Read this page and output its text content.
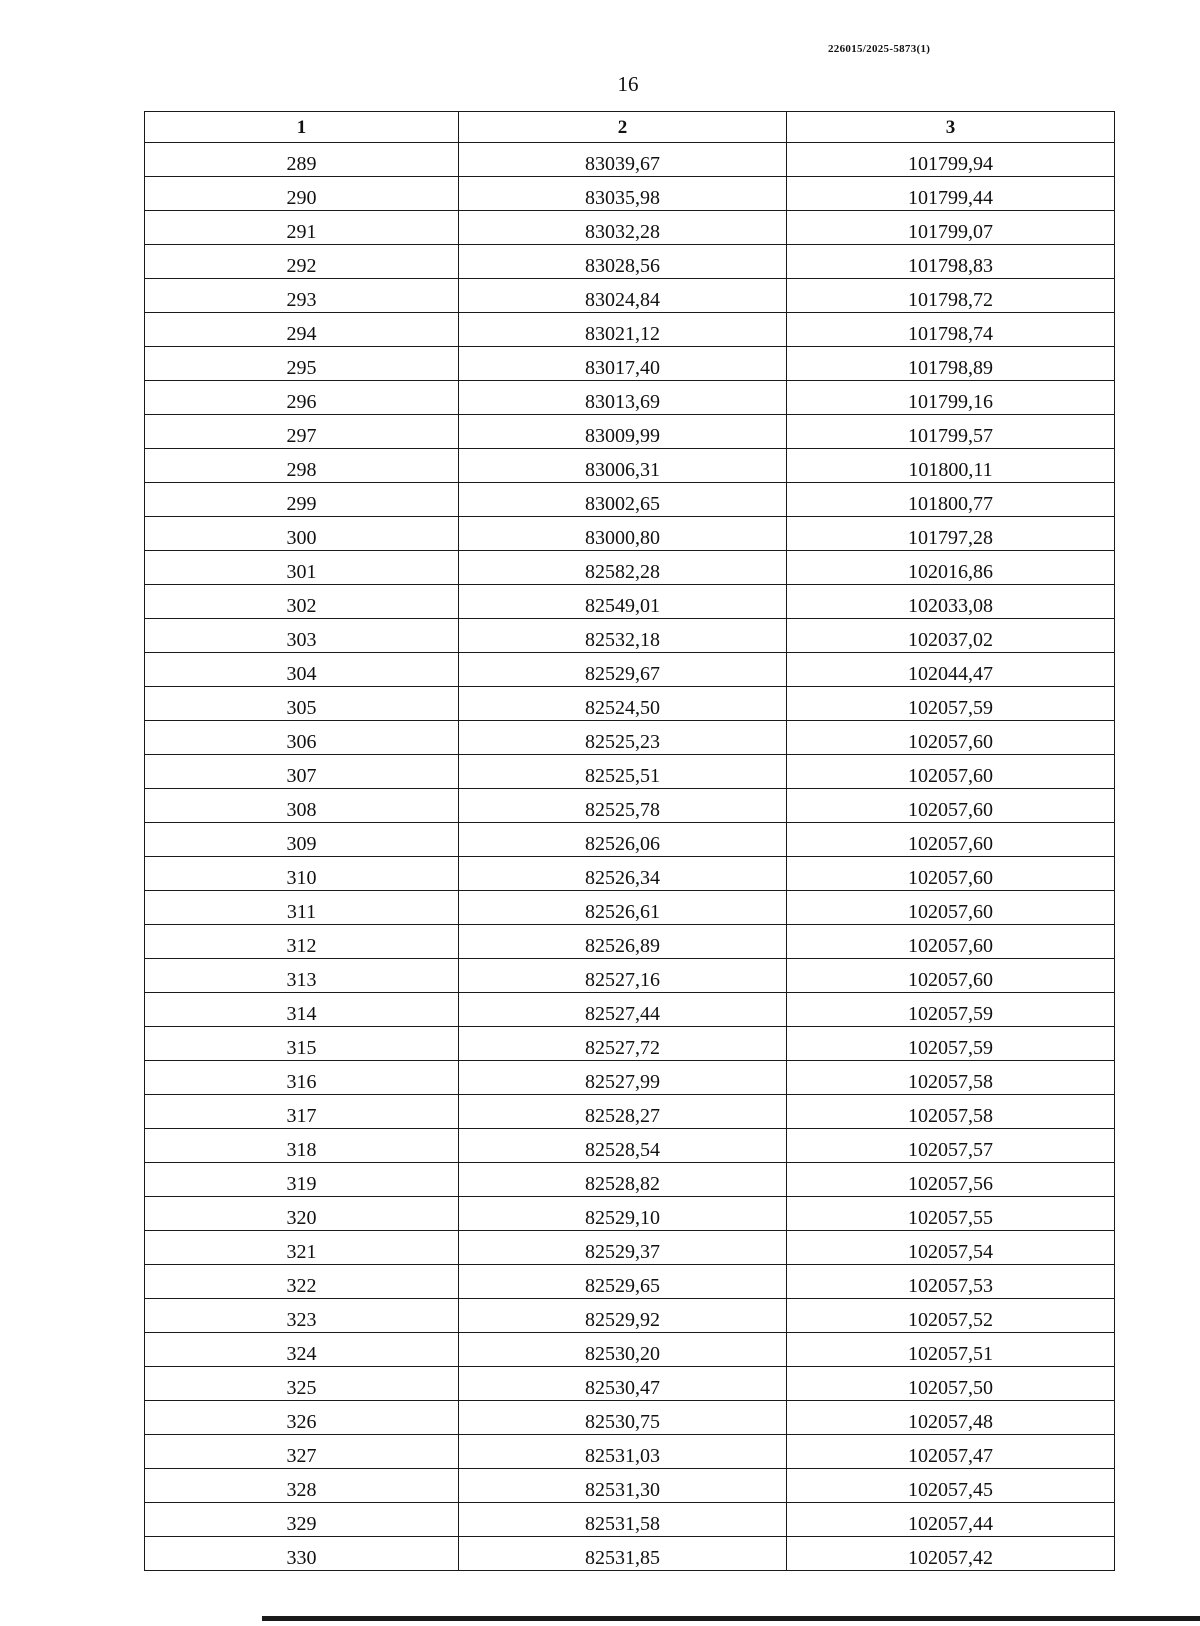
226015/2025-5873(1)
16
1	2	3
289	83039,67	101799,94
290	83035,98	101799,44
291	83032,28	101799,07
292	83028,56	101798,83
293	83024,84	101798,72
294	83021,12	101798,74
295	83017,40	101798,89
296	83013,69	101799,16
297	83009,99	101799,57
298	83006,31	101800,11
299	83002,65	101800,77
300	83000,80	101797,28
301	82582,28	102016,86
302	82549,01	102033,08
303	82532,18	102037,02
304	82529,67	102044,47
305	82524,50	102057,59
306	82525,23	102057,60
307	82525,51	102057,60
308	82525,78	102057,60
309	82526,06	102057,60
310	82526,34	102057,60
311	82526,61	102057,60
312	82526,89	102057,60
313	82527,16	102057,60
314	82527,44	102057,59
315	82527,72	102057,59
316	82527,99	102057,58
317	82528,27	102057,58
318	82528,54	102057,57
319	82528,82	102057,56
320	82529,10	102057,55
321	82529,37	102057,54
322	82529,65	102057,53
323	82529,92	102057,52
324	82530,20	102057,51
325	82530,47	102057,50
326	82530,75	102057,48
327	82531,03	102057,47
328	82531,30	102057,45
329	82531,58	102057,44
330	82531,85	102057,42
